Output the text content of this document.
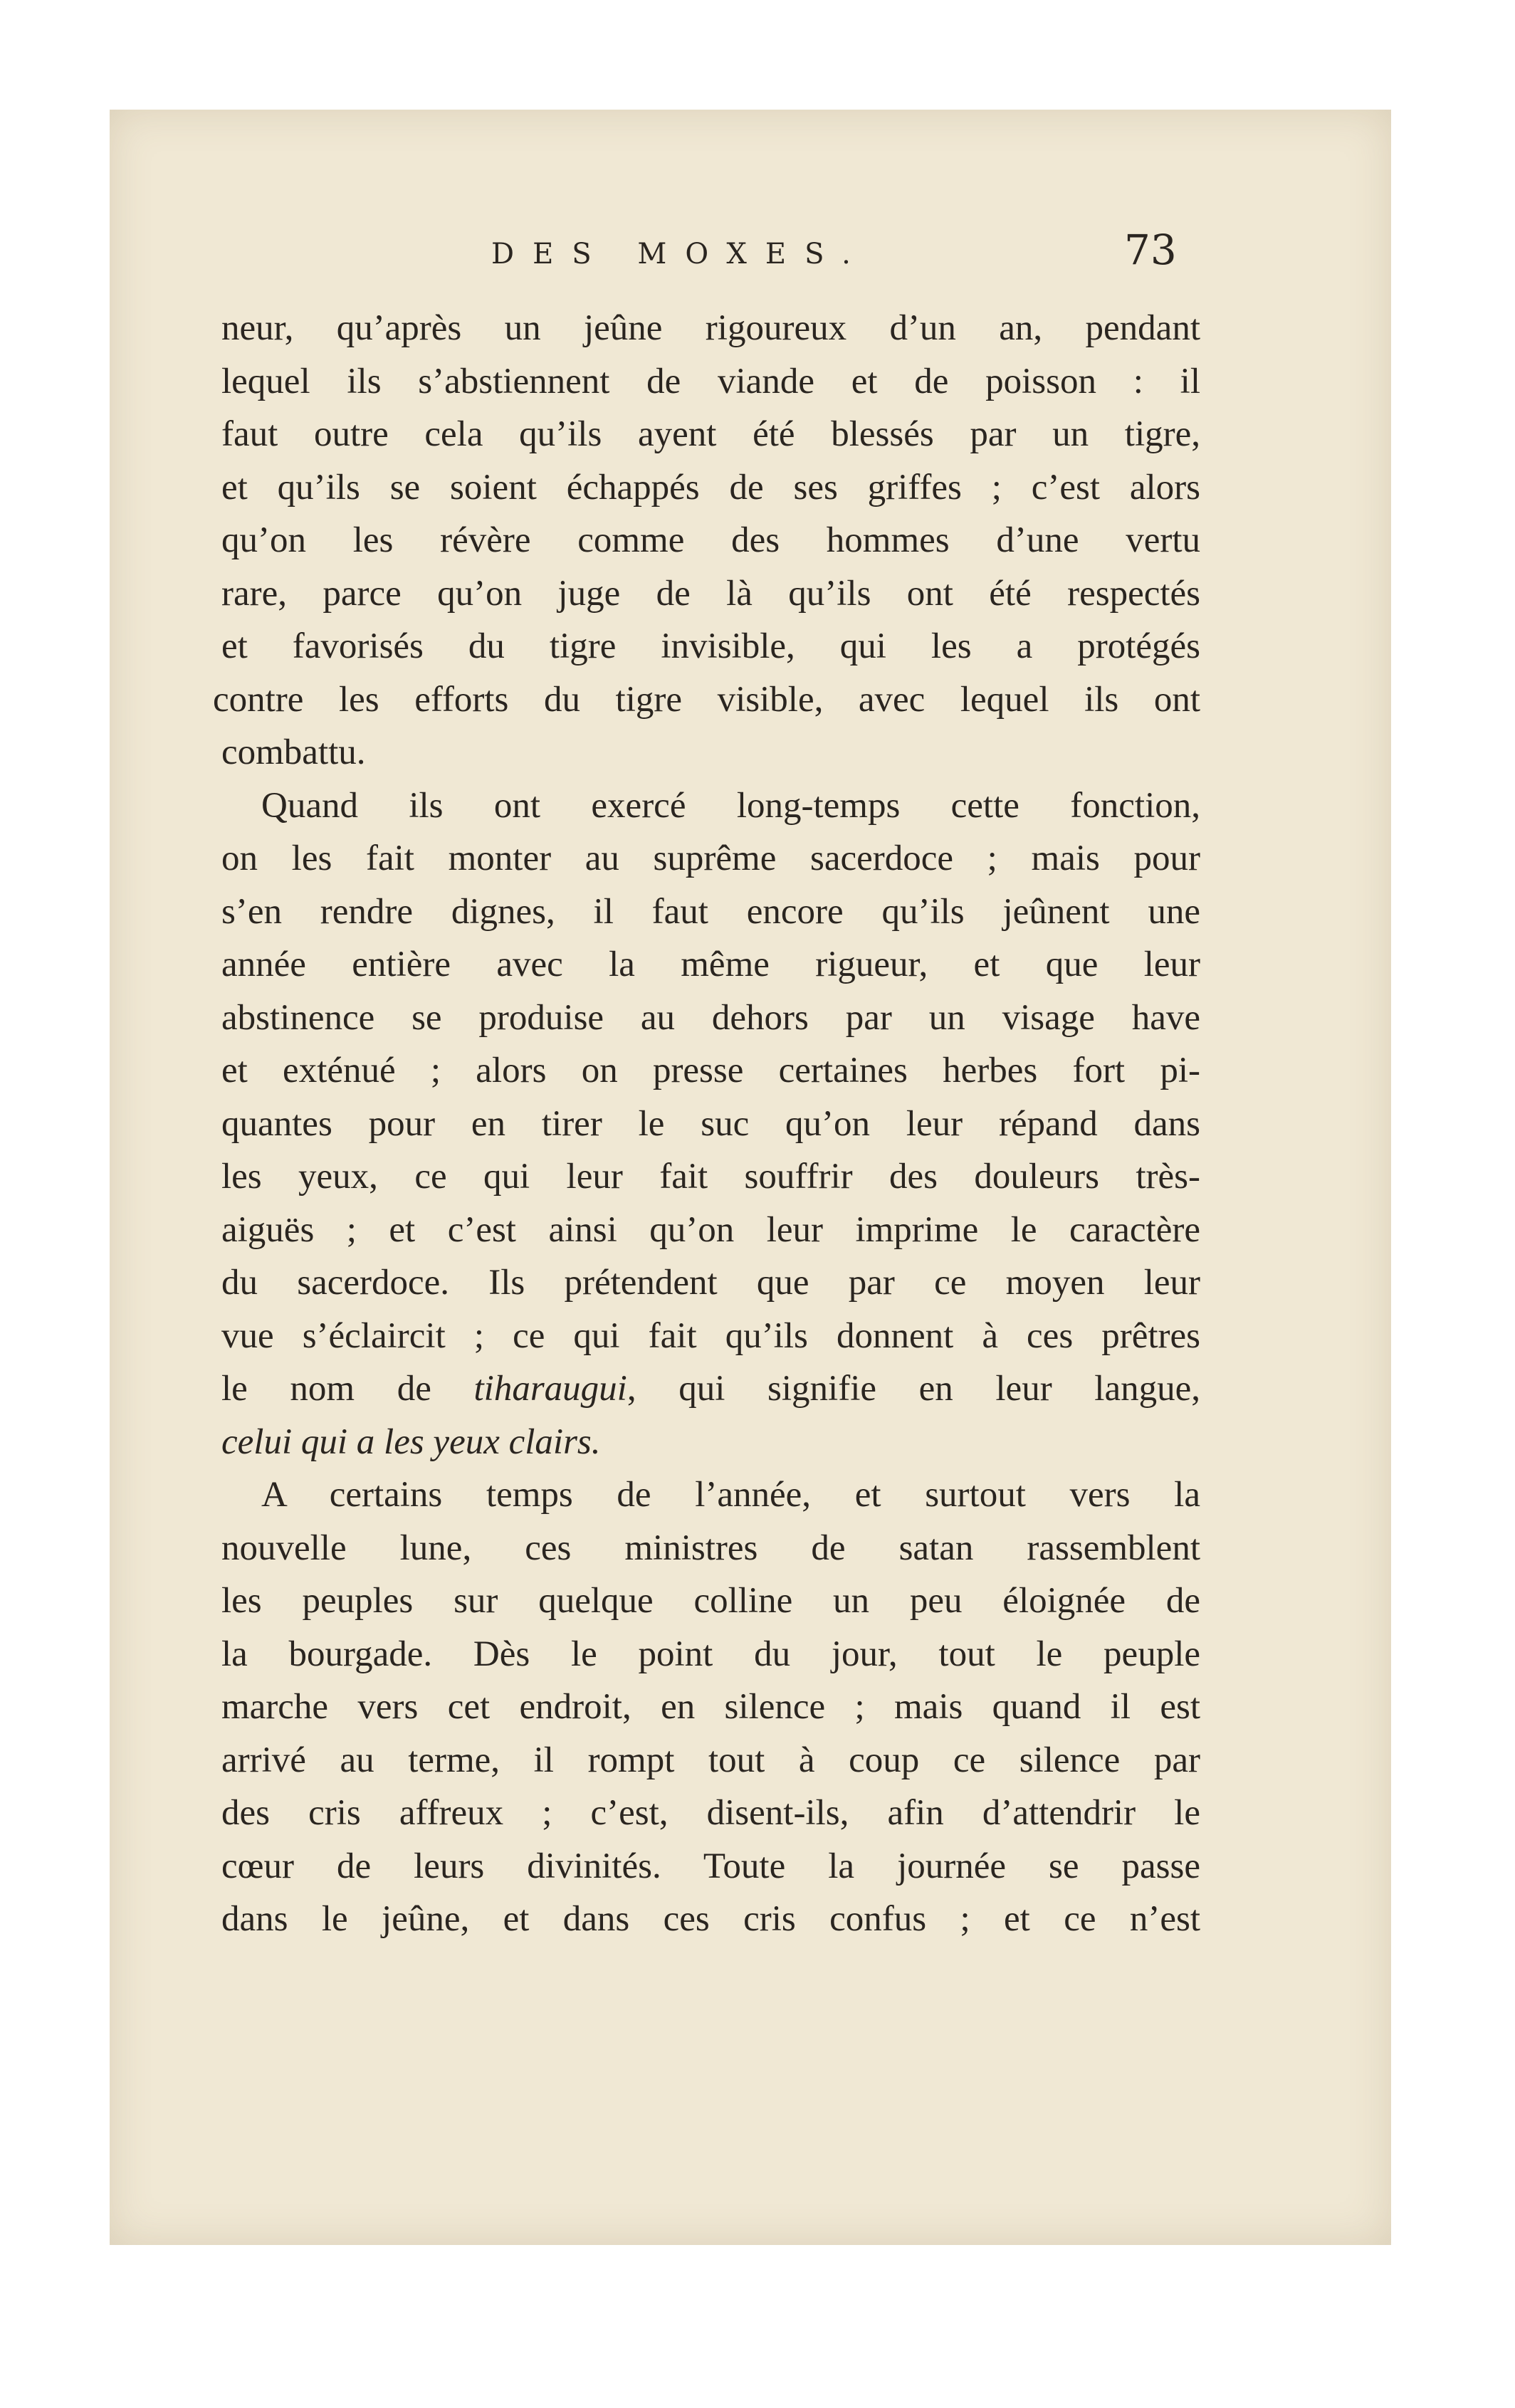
DES MOXES.	73
neur, qu’après un jeûne rigoureux d’un an, pendant
lequel ils s’abstiennent de viande et de poisson : il
faut outre cela qu’ils ayent été blessés par un tigre,
et qu’ils se soient échappés de ses griffes ; c’est alors
qu’on les révère comme des hommes d’une vertu
rare, parce qu’on juge de là qu’ils ont été respectés
et favorisés du tigre invisible, qui les a protégés
contre les efforts du tigre visible, avec lequel ils ont
combattu.
Quand ils ont exercé long-temps cette fonction,
on les fait monter au suprême sacerdoce ; mais pour
s’en rendre dignes, il faut encore qu’ils jeûnent une
année entière avec la même rigueur, et que leur
abstinence se produise au dehors par un visage have
et exténué ; alors on presse certaines herbes fort pi-
quantes pour en tirer le suc qu’on leur répand dans
les yeux, ce qui leur fait souffrir des douleurs très-
aiguës ; et c’est ainsi qu’on leur imprime le caractère
du sacerdoce. Ils prétendent que par ce moyen leur
vue s’éclaircit ; ce qui fait qu’ils donnent à ces prêtres
le nom de tiharaugui, qui signifie en leur langue,
celui qui a les yeux clairs.
A certains temps de l’année, et surtout vers la
nouvelle lune, ces ministres de satan rassemblent
les peuples sur quelque colline un peu éloignée de
la bourgade. Dès le point du jour, tout le peuple
marche vers cet endroit, en silence ; mais quand il est
arrivé au terme, il rompt tout à coup ce silence par
des cris affreux ; c’est, disent-ils, afin d’attendrir le
cœur de leurs divinités. Toute la journée se passe
dans le jeûne, et dans ces cris confus ; et ce n’est
